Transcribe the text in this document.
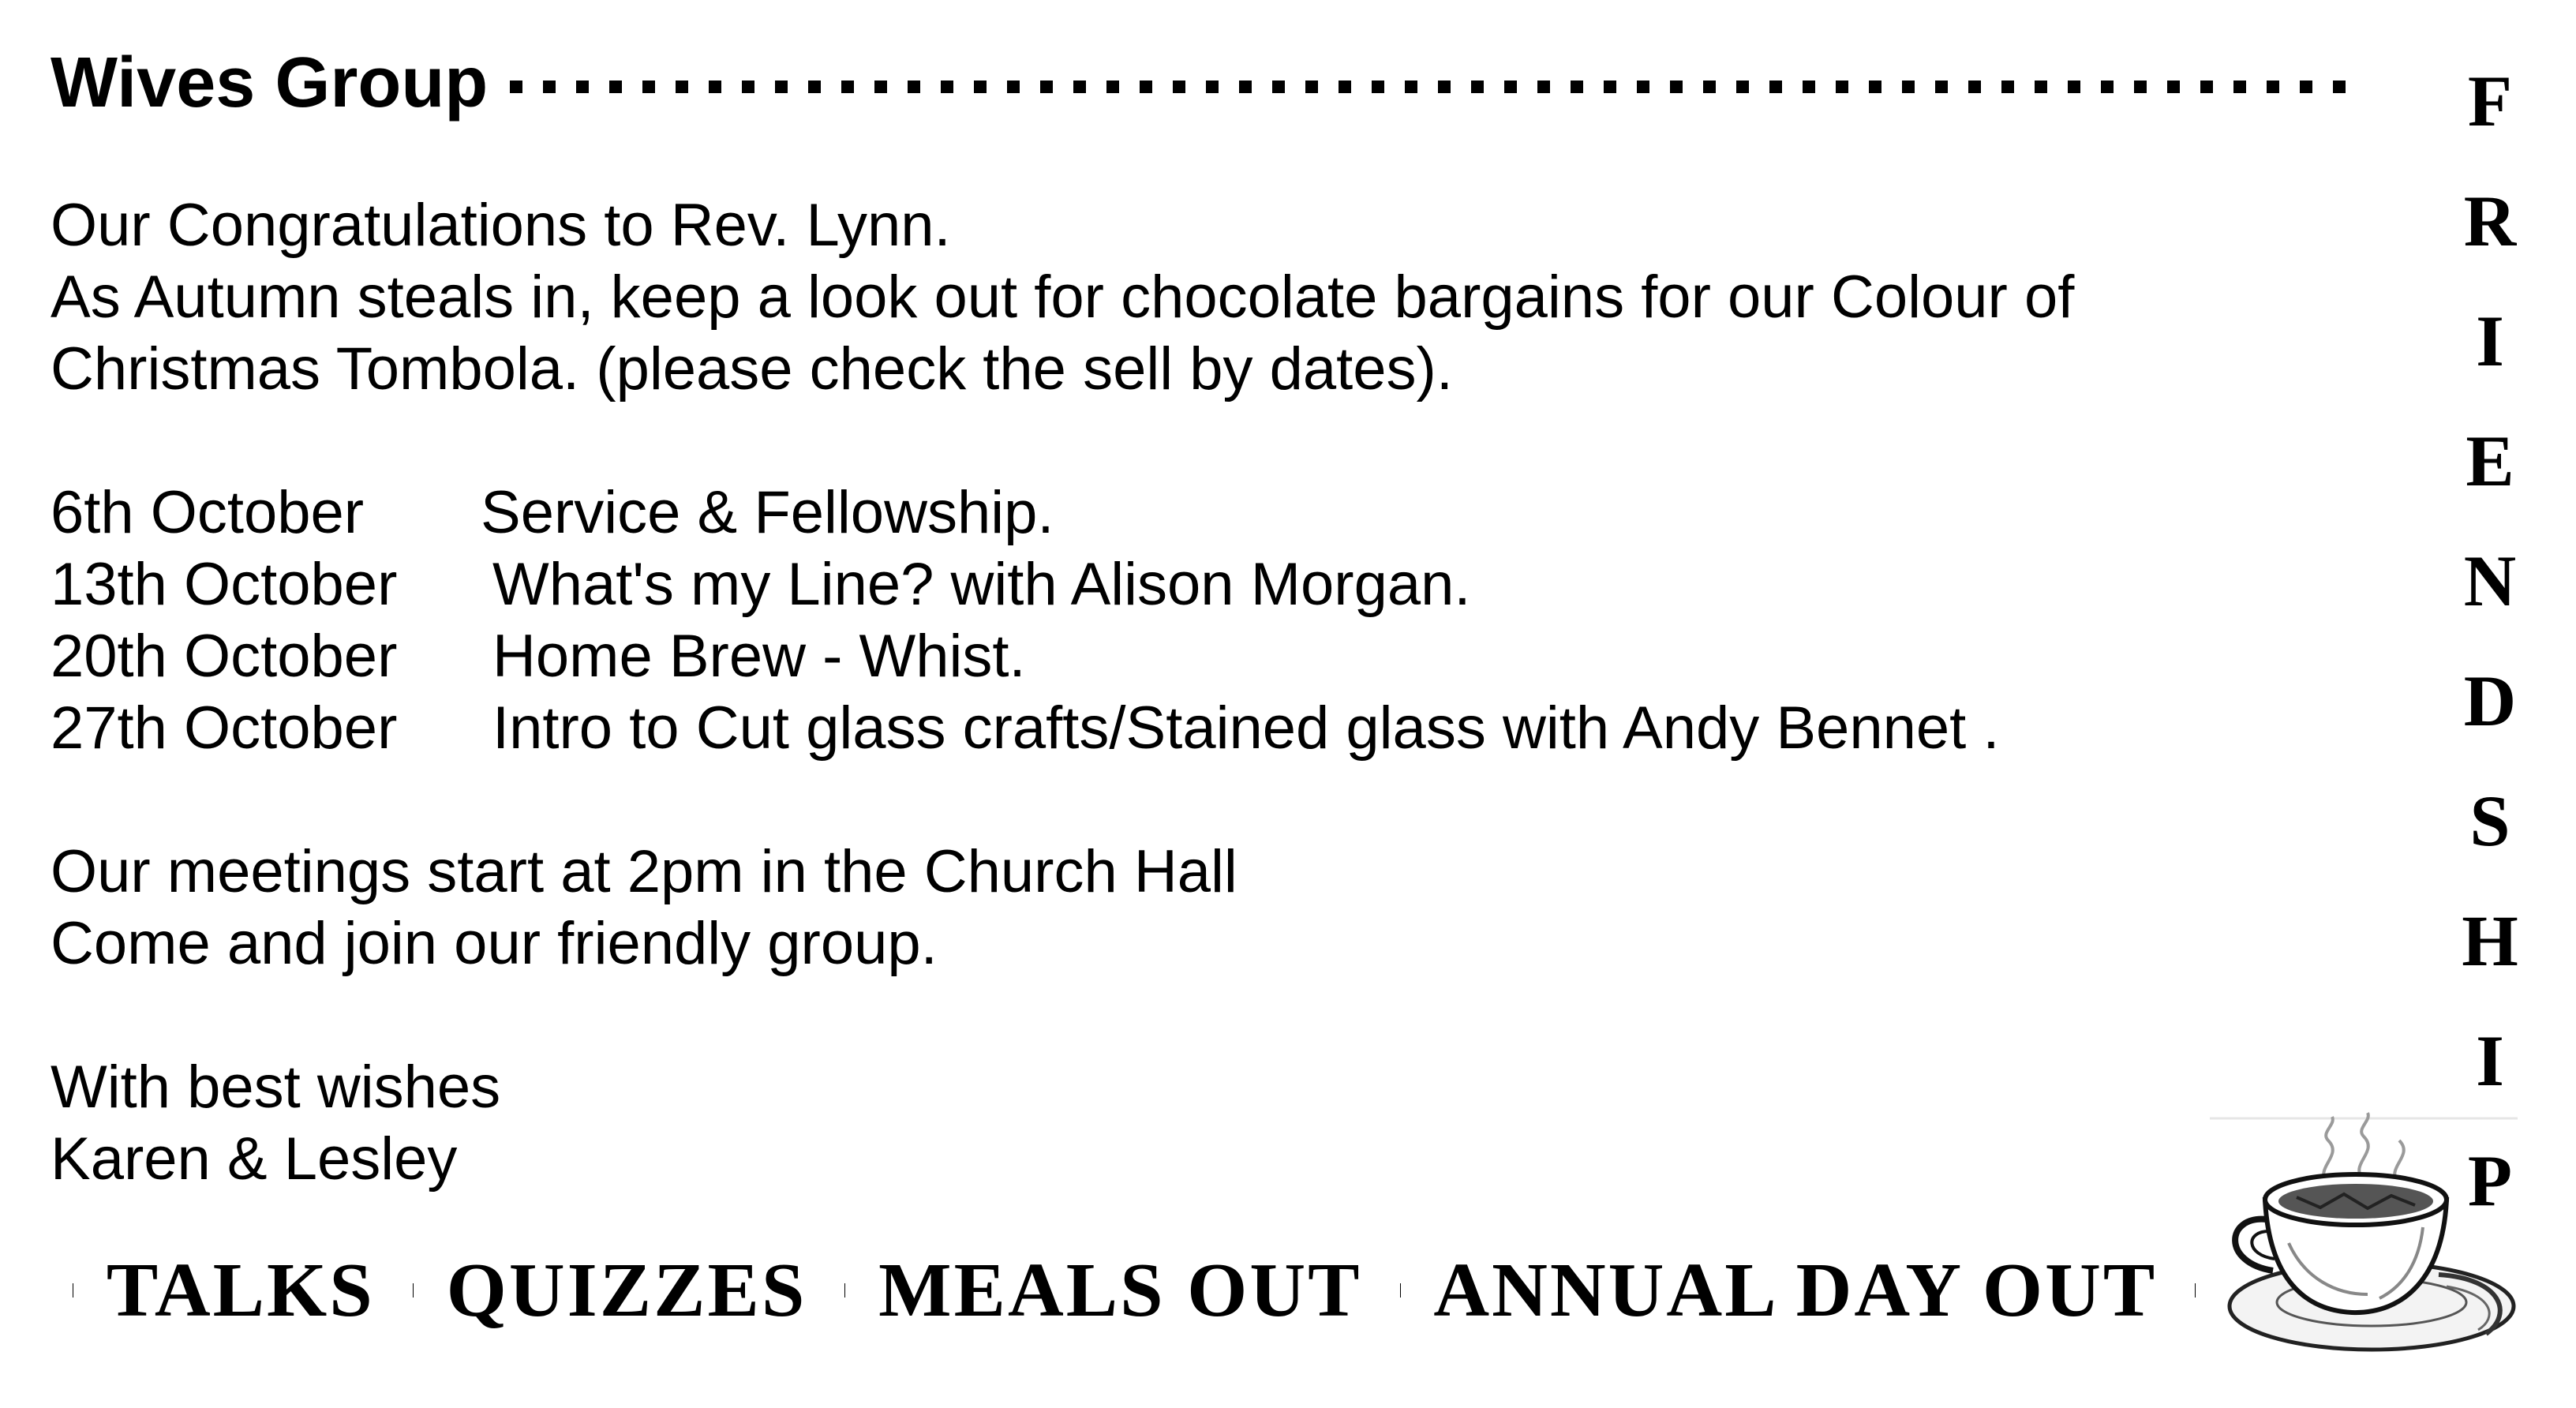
Wives Group
Our Congratulations to Rev. Lynn.
As Autumn steals in, keep a look out for chocolate bargains for our Colour of
Christmas Tombola. (please check the sell by dates).
6th October	Service & Fellowship.
13th October	What's my Line? with Alison Morgan.
20th October	Home Brew - Whist.
27th October	Intro to Cut glass crafts/Stained glass with Andy Bennet .
Our meetings start at 2pm in the Church Hall
Come and join our friendly group.
With best wishes
Karen & Lesley
F
R
I
E
N
D
S
H
I
P
TALKS QUIZZES MEALS OUT ANNUAL DAY OUT
